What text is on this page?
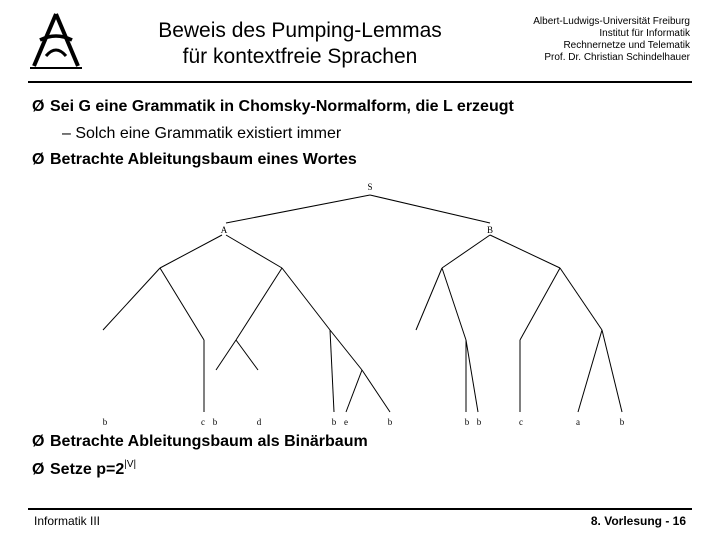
Beweis des Pumping-Lemmas
für kontextfreie Sprachen
Albert-Ludwigs-Universität Freiburg
Institut für Informatik
Rechnernetze und Telematik
Prof. Dr. Christian Schindelhauer
Ø Sei G eine Grammatik in Chomsky-Normalform, die L erzeugt
– Solch eine Grammatik existiert immer
Ø Betrachte Ableitungsbaum eines Wortes
Ø Betrachte Ableitungsbaum als Binärbaum
Ø Setze $p=2^{|V|}$
S
A	B
b	c b	d	b e	b	b b	c	a	b
Informatik III	8. Vorlesung - 16
